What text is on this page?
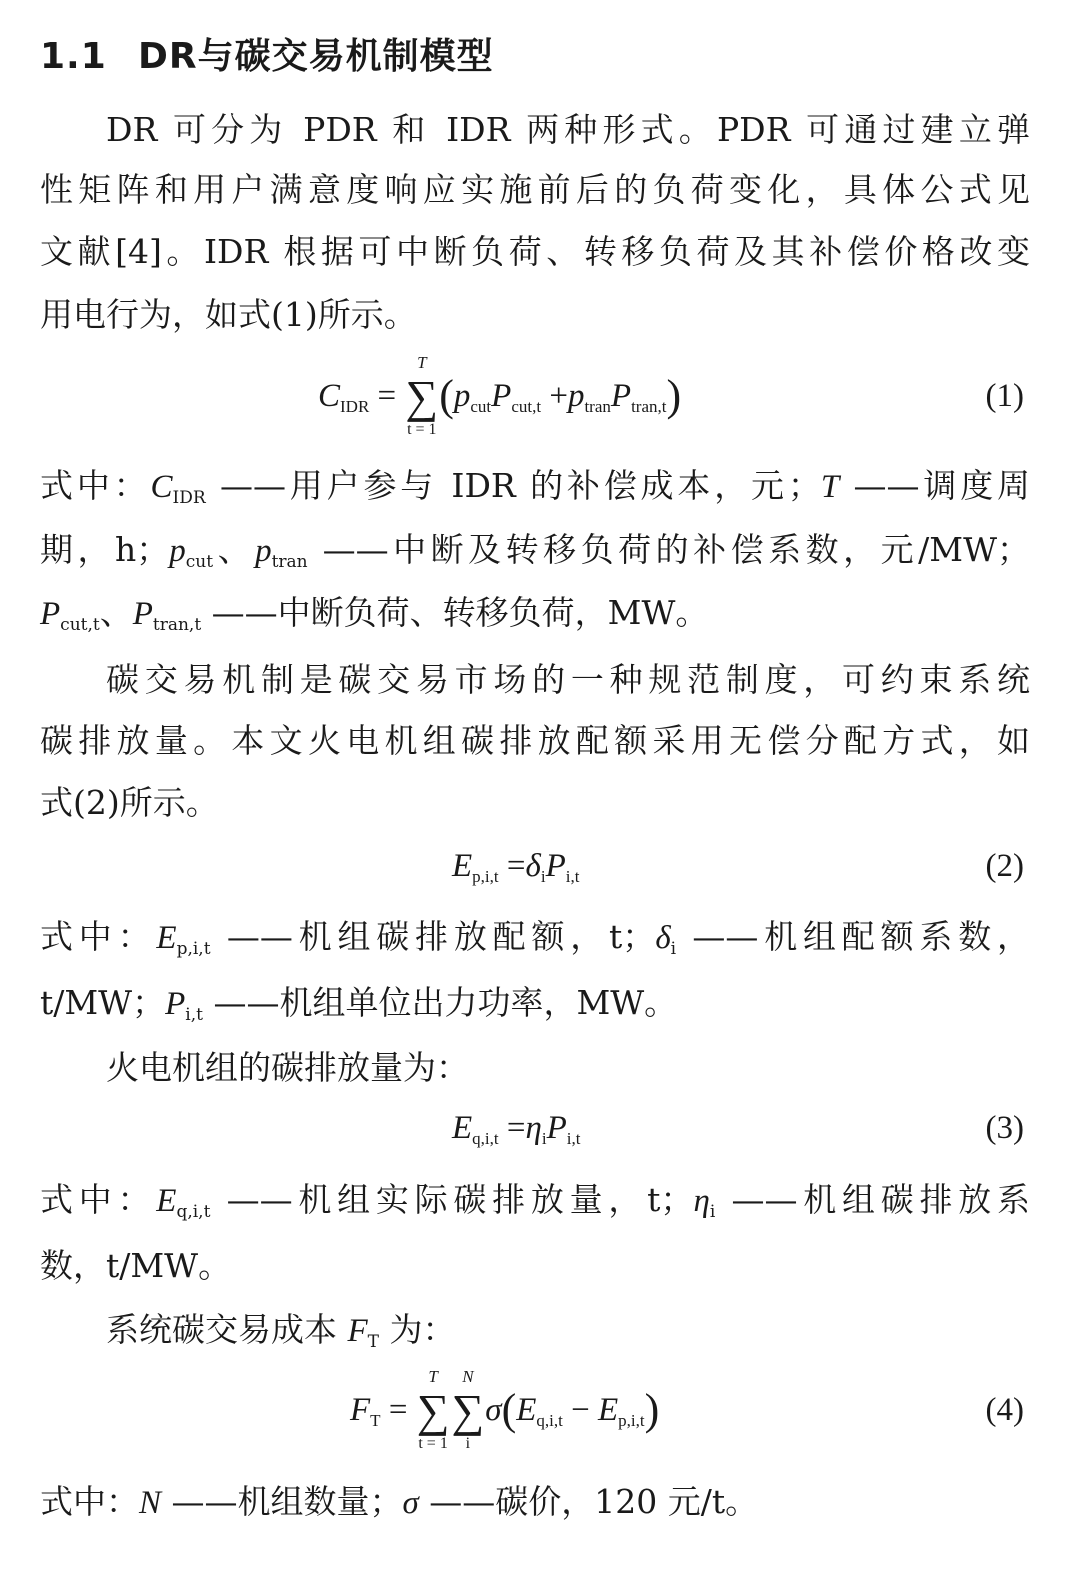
1.1 DR与碳交易机制模型
DR 可分为 PDR 和 IDR 两种形式。PDR 可通过建立弹
性矩阵和用户满意度响应实施前后的负荷变化，具体公式见
文献[4]。IDR 根据可中断负荷、转移负荷及其补偿价格改变
用电行为，如式(1)所示。
$C_{IDR}$ = ∑
T
t = 1
$(p_{cut}P_{cut,t} +p_{tran}P_{tran,t})$	(1)
式中：$C_{IDR}$ ——用户参与 IDR 的补偿成本，元；T ——调度周
期，h；$p_{cut}$、$p_{tran}$ ——中断及转移负荷的补偿系数，元/MW；
$P_{cut,t}$、$P_{tran,t}$ ——中断负荷、转移负荷，MW。
碳交易机制是碳交易市场的一种规范制度，可约束系统
碳排放量。本文火电机组碳排放配额采用无偿分配方式，如
式(2)所示。
$E_{p,i,t} =\delta_iP_{i,t}$	(2)
式中：$E_{p,i,t}$ ——机组碳排放配额，t；$\delta_i$ ——机组配额系数，
t/MW；$P_{i,t}$ ——机组单位出力功率，MW。
火电机组的碳排放量为：
$E_{q,i,t} =\eta_iP_{i,t}$	(3)
式中：$E_{q,i,t}$ ——机组实际碳排放量，t；$\eta_i$ ——机组碳排放系
数，t/MW。
系统碳交易成本 $F_T$ 为：
$F_T$ = ∑
T
t = 1
∑
N
i
$\sigma(E_{q,i,t} - E_{p,i,t})$	(4)
式中：N ——机组数量；σ ——碳价，120 元/t。
